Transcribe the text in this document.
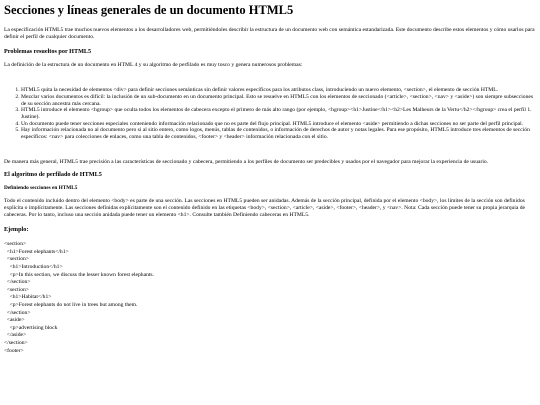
Secciones y líneas generales de un documento HTML5

La especificación HTML5 trae muchos nuevos elementos a los desarrolladores web, permitiéndoles describir la estructura de un documento web con semántica estandarizada. Este documento describe estos elementos y cómo usarlos para definir el perfil de cualquier documento.

Problemas resueltos por HTML5

La definición de la estructura de un documento en HTML 4 y su algoritmo de perfilado es muy tosco y genera numerosos problemas:

1. HTML5 quita la necesidad de elementos <div> para definir secciones semánticas sin definir valores específicos para los atributos class, introduciendo un nuevo elemento, <section>, el elemento de sección HTML.
2. Mezclar varios documentos es difícil: la inclusión de un sub-documento en un documento principal. Esto se resuelve en HTML5 con los elementos de seccionado (<article>, <section>, <nav> y <aside>) son siempre subsecciones de su sección ancestra más cercana.
3. HTML5 introduce el elemento <hgroup> que oculta todos los elementos de cabecera excepto el primero de más alto rango (por ejemplo, <hgroup><h1>Justine</h1><h2>Les Malheurs de la Vertu</h2></hgroup> crea el perfil 1. Justine).
4. Un documento puede tener secciones especiales conteniendo información relacionado que no es parte del flujo principal. HTML5 introduce el elemento <aside> permitiendo a dichas secciones no ser parte del perfil principal.
5. Hay información relacionada no al documento pero si al sitio entero, como logos, menús, tablas de contenidos, o información de derechos de autor y notas legales. Para ese propósito, HTML5 introduce tres elementos de sección específicos: <nav> para colecciones de enlaces, como una tabla de contenidos, <footer> y <header> información relacionada con el sitio.

De manera más general, HTML5 trae precisión a las características de seccionado y cabecera, permitiendo a los perfiles de documento ser predecibles y usados por el navegador para mejorar la experiencia de usuario.

El algoritmo de perfilado de HTML5
Definiendo secciones en HTML5

Todo el contenido incluido dentro del elemento <body> es parte de una sección. Las secciones en HTML5 pueden ser anidadas. Además de la sección principal, definida por el elemento <body>, los límites de la sección son definidos explícita o implícitamente. Las secciones definidas explícitamente son el contenido definido en las etiquetas <body>, <section>, <article>, <aside>, <footer>, <header>, y <nav>. Nota: Cada sección puede tener su propia jerarquía de cabeceras. Por lo tanto, incluso una sección anidada puede tener un elemento <h1>. Consulte también Definiendo cabeceras en HTML5.

Ejemplo:
<section>
<h1>Forest elephants</h1>
<section>
<h1>Introduction</h1>
<p>In this section, we discuss the lesser known forest elephants.
</section>
<section>
<h1>Habitat</h1>
<p>Forest elephants do not live in trees but among them.
</section>
<aside>
<p>advertising block
</aside>
</section>
<footer>
